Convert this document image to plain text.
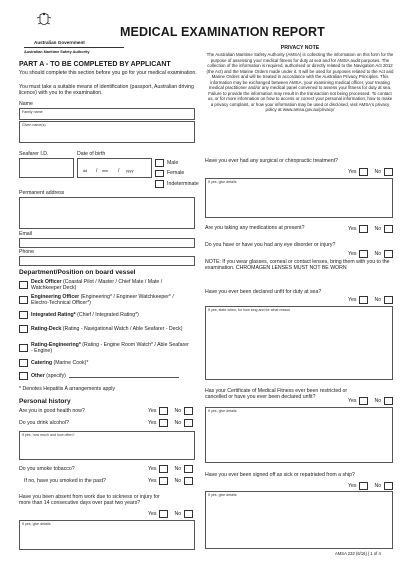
Australian Government
Australian Maritime Safety Authority
MEDICAL EXAMINATION REPORT
PRIVACY NOTE
The Australian Maritime Safety Authority (AMSA) is collecting the information on this form for the purpose of assessing your medical fitness for duty at sea and for AMSA audit purposes. The collection of the information is required, authorised or directly related to the Navigation Act 2012 (the Act) and the Marine Orders made under it. It will be used for purposes related to the Act and Marine Orders and will be treated in accordance with the Australian Privacy Principles. This information may be exchanged between AMSA, your examining medical officer, your treating medical practitioner and/or any medical panel convened to assess your fitness for duty at sea. Failure to provide the information may result in the transaction not being processed. To contact us, or for more information on how to access or correct your personal information, how to make a privacy complaint, or how your information may be used or disclosed, visit AMSA's privacy policy at www.amsa.gov.au/privacy/
PART A - TO BE COMPLETED BY APPLICANT
You should complete this section before you go for your medical examination.
You must take a suitable means of identification (passport, Australian driving licence) with you to the examination.
Name
Family name
Given name(s)
Seafarer I.D.	Date of birth
dd	mm	yyyy
/	/
Male
Female
Indeterminate
Permanent address
Email
Phone
Department/Position on board vessel
Deck Officer (Coastal Pilot / Master / Chief Mate / Mate / Watchkeeper Deck)
Engineering Officer (Engineering* / Engineer Watchkeeper* / Electro-Technical Officer*)
Integrated Rating* (Chief / Integrated Rating*)
Rating-Deck (Rating - Navigational Watch / Able Seafarer - Deck)
Rating-Engineering* (Rating - Engine Room Watch* / Able Seafarer - Engine)
Catering (Marine Cook)*
Other (specify)
* Denotes Hepatitis A arrangements apply
Personal history
Are you in good health now?	Yes	No
Do you drink alcohol?	Yes	No
If yes, how much and how often?
Do you smoke tobacco?	Yes	No
If no, have you smoked in the past?	Yes	No
Have you been absent from work due to sickness or injury for more than 14 consecutive days over past two years?
Yes	No
If yes, give details
Have you ever had any surgical or chiropractic treatment?
Yes	No
If yes, give details
Are you taking any medications at present?	Yes	No
Do you have or have you had any eye disorder or injury?
Yes	No
NOTE: If you wear glasses, corneal or contact lenses, bring them with you to the examination. CHROMAGEN LENSES MUST NOT BE WORN
Have you ever been declared unfit for duty at sea?
Yes	No
If yes, state when, for how long and for what reason
Has your Certificate of Medical Fitness ever been restricted or cancelled or have you ever been declared unfit?
Yes	No
If yes, give details
Have you ever been signed off as sick or repatriated from a ship?
Yes	No
If yes, give details
AMSA 232 (6/16) | 1 of 4
